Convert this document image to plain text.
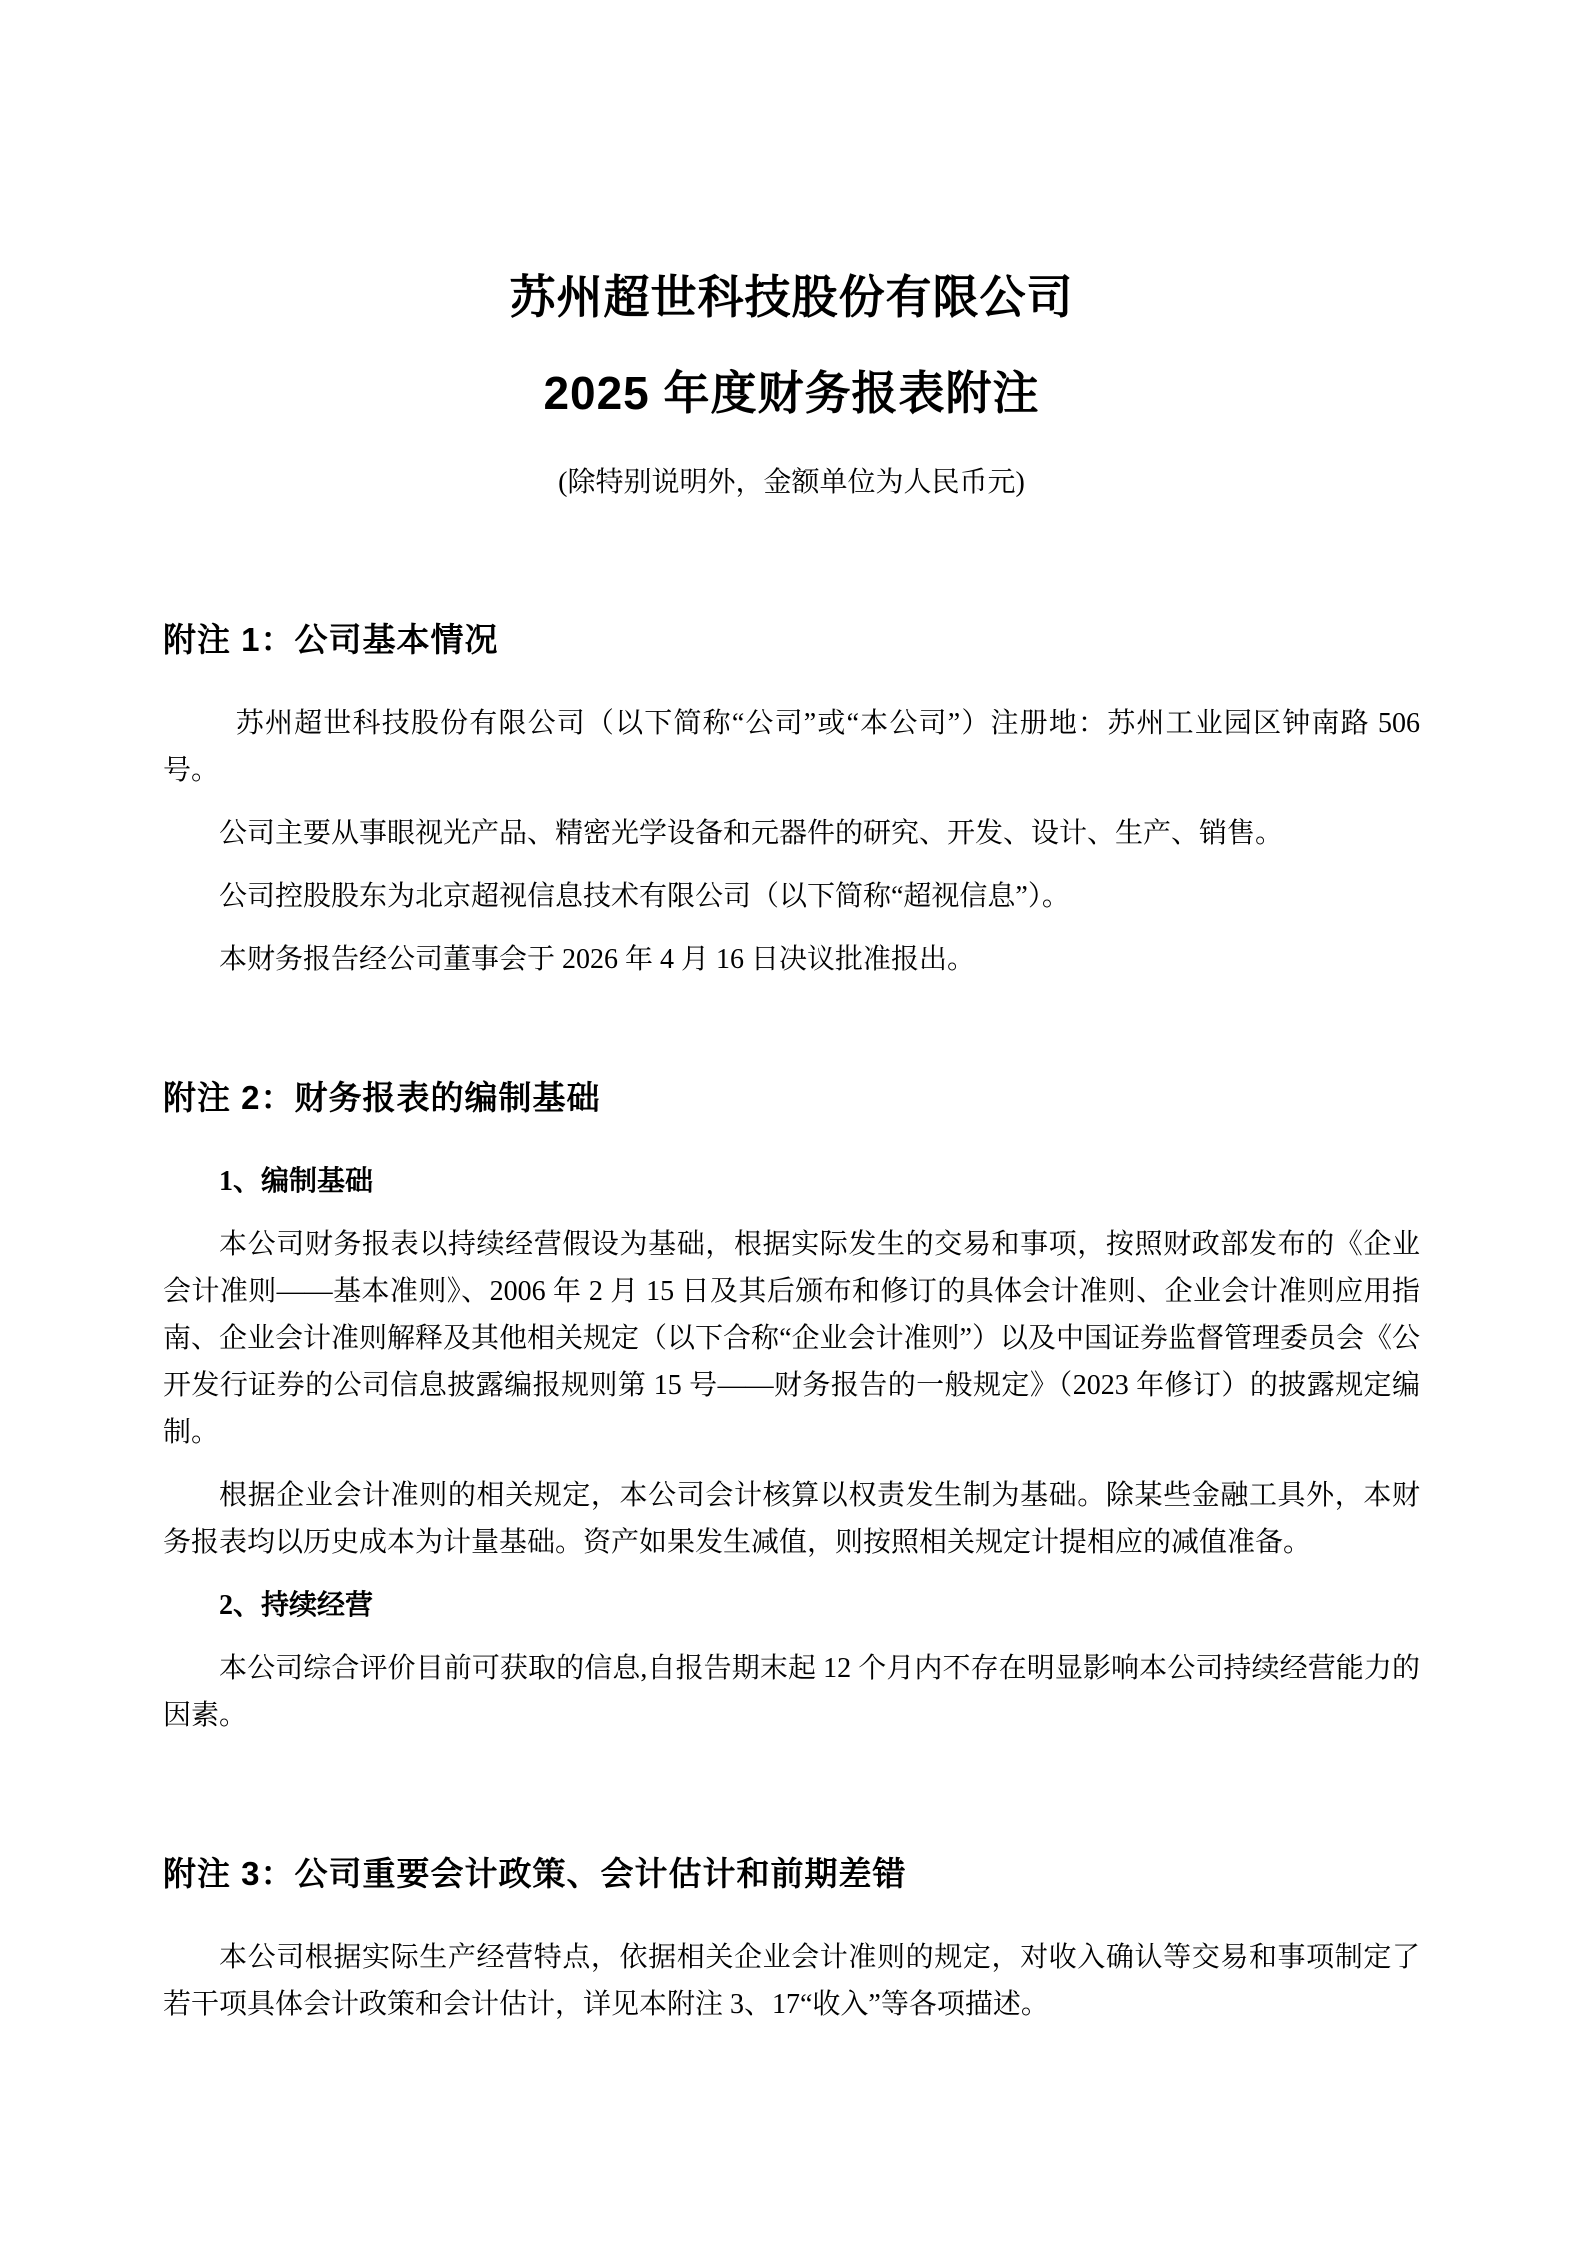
苏州超世科技股份有限公司
2025 年度财务报表附注

(除特别说明外，金额单位为人民币元)

附注 1：公司基本情况

苏州超世科技股份有限公司（以下简称“公司”或“本公司”）注册地：苏州工业园区钟南路 506 号。

公司主要从事眼视光产品、精密光学设备和元器件的研究、开发、设计、生产、销售。

公司控股股东为北京超视信息技术有限公司（以下简称“超视信息”）。

本财务报告经公司董事会于 2026 年 4 月 16 日决议批准报出。

附注 2：财务报表的编制基础

1、编制基础

本公司财务报表以持续经营假设为基础，根据实际发生的交易和事项，按照财政部发布的《企业会计准则——基本准则》、2006 年 2 月 15 日及其后颁布和修订的具体会计准则、企业会计准则应用指南、企业会计准则解释及其他相关规定（以下合称“企业会计准则”）以及中国证券监督管理委员会《公开发行证券的公司信息披露编报规则第 15 号——财务报告的一般规定》（2023 年修订）的披露规定编制。

根据企业会计准则的相关规定，本公司会计核算以权责发生制为基础。除某些金融工具外，本财务报表均以历史成本为计量基础。资产如果发生减值，则按照相关规定计提相应的减值准备。

2、持续经营

本公司综合评价目前可获取的信息,自报告期末起 12 个月内不存在明显影响本公司持续经营能力的因素。

附注 3：公司重要会计政策、会计估计和前期差错

本公司根据实际生产经营特点，依据相关企业会计准则的规定，对收入确认等交易和事项制定了若干项具体会计政策和会计估计，详见本附注 3、17“收入”等各项描述。
